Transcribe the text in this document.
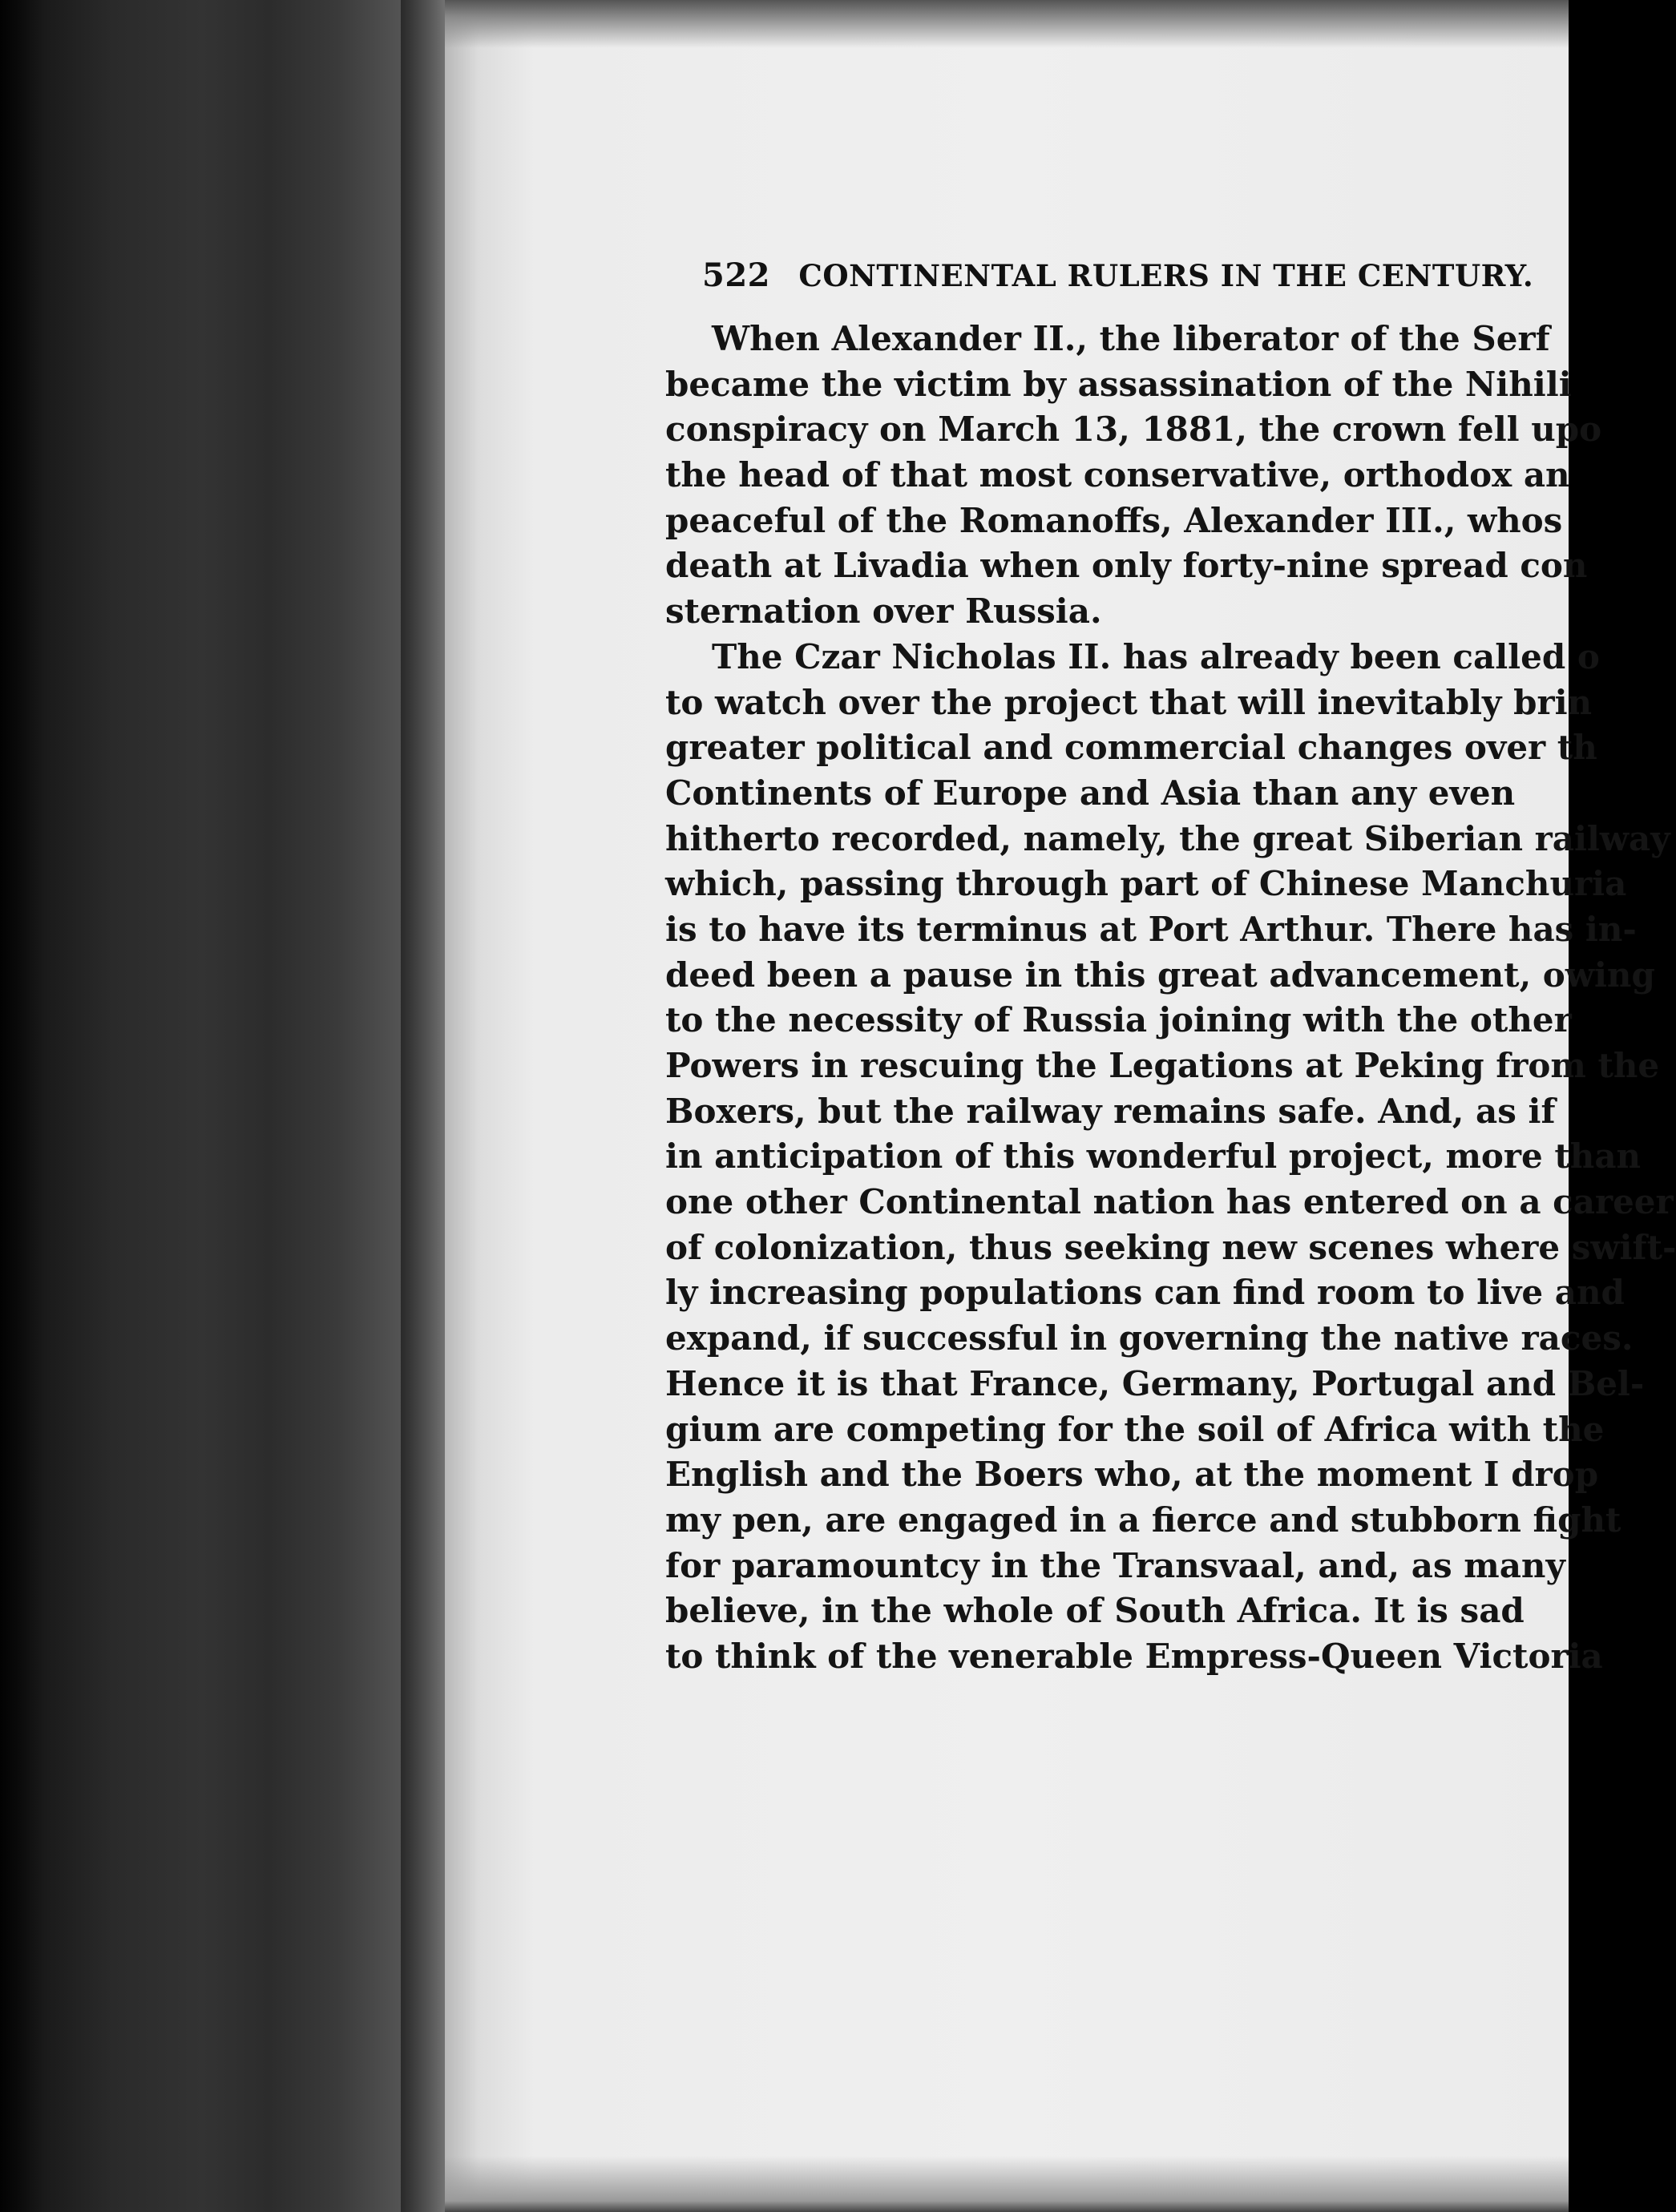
522 CONTINENTAL RULERS IN THE CENTURY.
When Alexander II., the liberator of the Serf
became the victim by assassination of the Nihili
conspiracy on March 13, 1881, the crown fell upo
the head of that most conservative, orthodox an
peaceful of the Romanoffs, Alexander III., whos
death at Livadia when only forty-nine spread con
sternation over Russia.
The Czar Nicholas II. has already been called o
to watch over the project that will inevitably brin
greater political and commercial changes over th
Continents of Europe and Asia than any even
hitherto recorded, namely, the great Siberian railway
which, passing through part of Chinese Manchuria
is to have its terminus at Port Arthur. There has in-
deed been a pause in this great advancement, owing
to the necessity of Russia joining with the other
Powers in rescuing the Legations at Peking from the
Boxers, but the railway remains safe. And, as if
in anticipation of this wonderful project, more than
one other Continental nation has entered on a career
of colonization, thus seeking new scenes where swift-
ly increasing populations can find room to live and
expand, if successful in governing the native races.
Hence it is that France, Germany, Portugal and Bel-
gium are competing for the soil of Africa with the
English and the Boers who, at the moment I drop
my pen, are engaged in a fierce and stubborn fight
for paramountcy in the Transvaal, and, as many
believe, in the whole of South Africa. It is sad
to think of the venerable Empress-Queen Victoria
